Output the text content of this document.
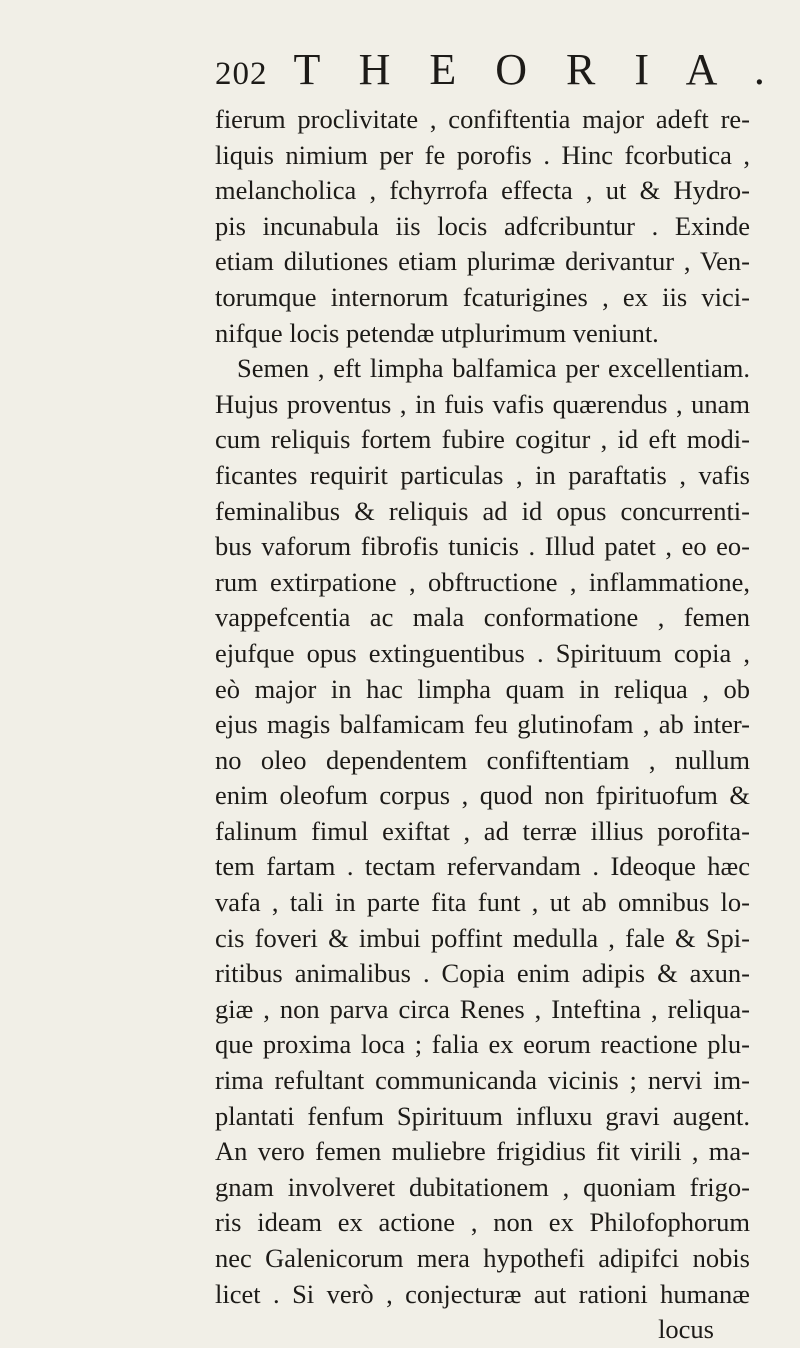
202 T H E O R I A .
fierum proclivitate , confiftentia major adeft re-
liquis nimium per fe porofis . Hinc fcorbutica ,
melancholica , fchyrrofa effecta , ut & Hydro-
pis incunabula iis locis adfcribuntur . Exinde
etiam dilutiones etiam plurimæ derivantur , Ven-
torumque internorum fcaturigines , ex iis vici-
nifque locis petendæ utplurimum veniunt.
Semen , eft limpha balfamica per excellentiam.
Hujus proventus , in fuis vafis quærendus , unam
cum reliquis fortem fubire cogitur , id eft modi-
ficantes requirit particulas , in paraftatis , vafis
feminalibus & reliquis ad id opus concurrenti-
bus vaforum fibrofis tunicis . Illud patet , eo eo-
rum extirpatione , obftructione , inflammatione,
vappefcentia ac mala conformatione , femen
ejufque opus extinguentibus . Spirituum copia ,
eò major in hac limpha quam in reliqua , ob
ejus magis balfamicam feu glutinofam , ab inter-
no oleo dependentem confiftentiam , nullum
enim oleofum corpus , quod non fpirituofum &
falinum fimul exiftat , ad terræ illius porofita-
tem fartam . tectam refervandam . Ideoque hæc
vafa , tali in parte fita funt , ut ab omnibus lo-
cis foveri & imbui poffint medulla , fale & Spi-
ritibus animalibus . Copia enim adipis & axun-
giæ , non parva circa Renes , Inteftina , reliqua-
que proxima loca ; falia ex eorum reactione plu-
rima refultant communicanda vicinis ; nervi im-
plantati fenfum Spirituum influxu gravi augent.
An vero femen muliebre frigidius fit virili , ma-
gnam involveret dubitationem , quoniam frigo-
ris ideam ex actione , non ex Philofophorum
nec Galenicorum mera hypothefi adipifci nobis
licet . Si verò , conjecturæ aut rationi humanæ
locus
